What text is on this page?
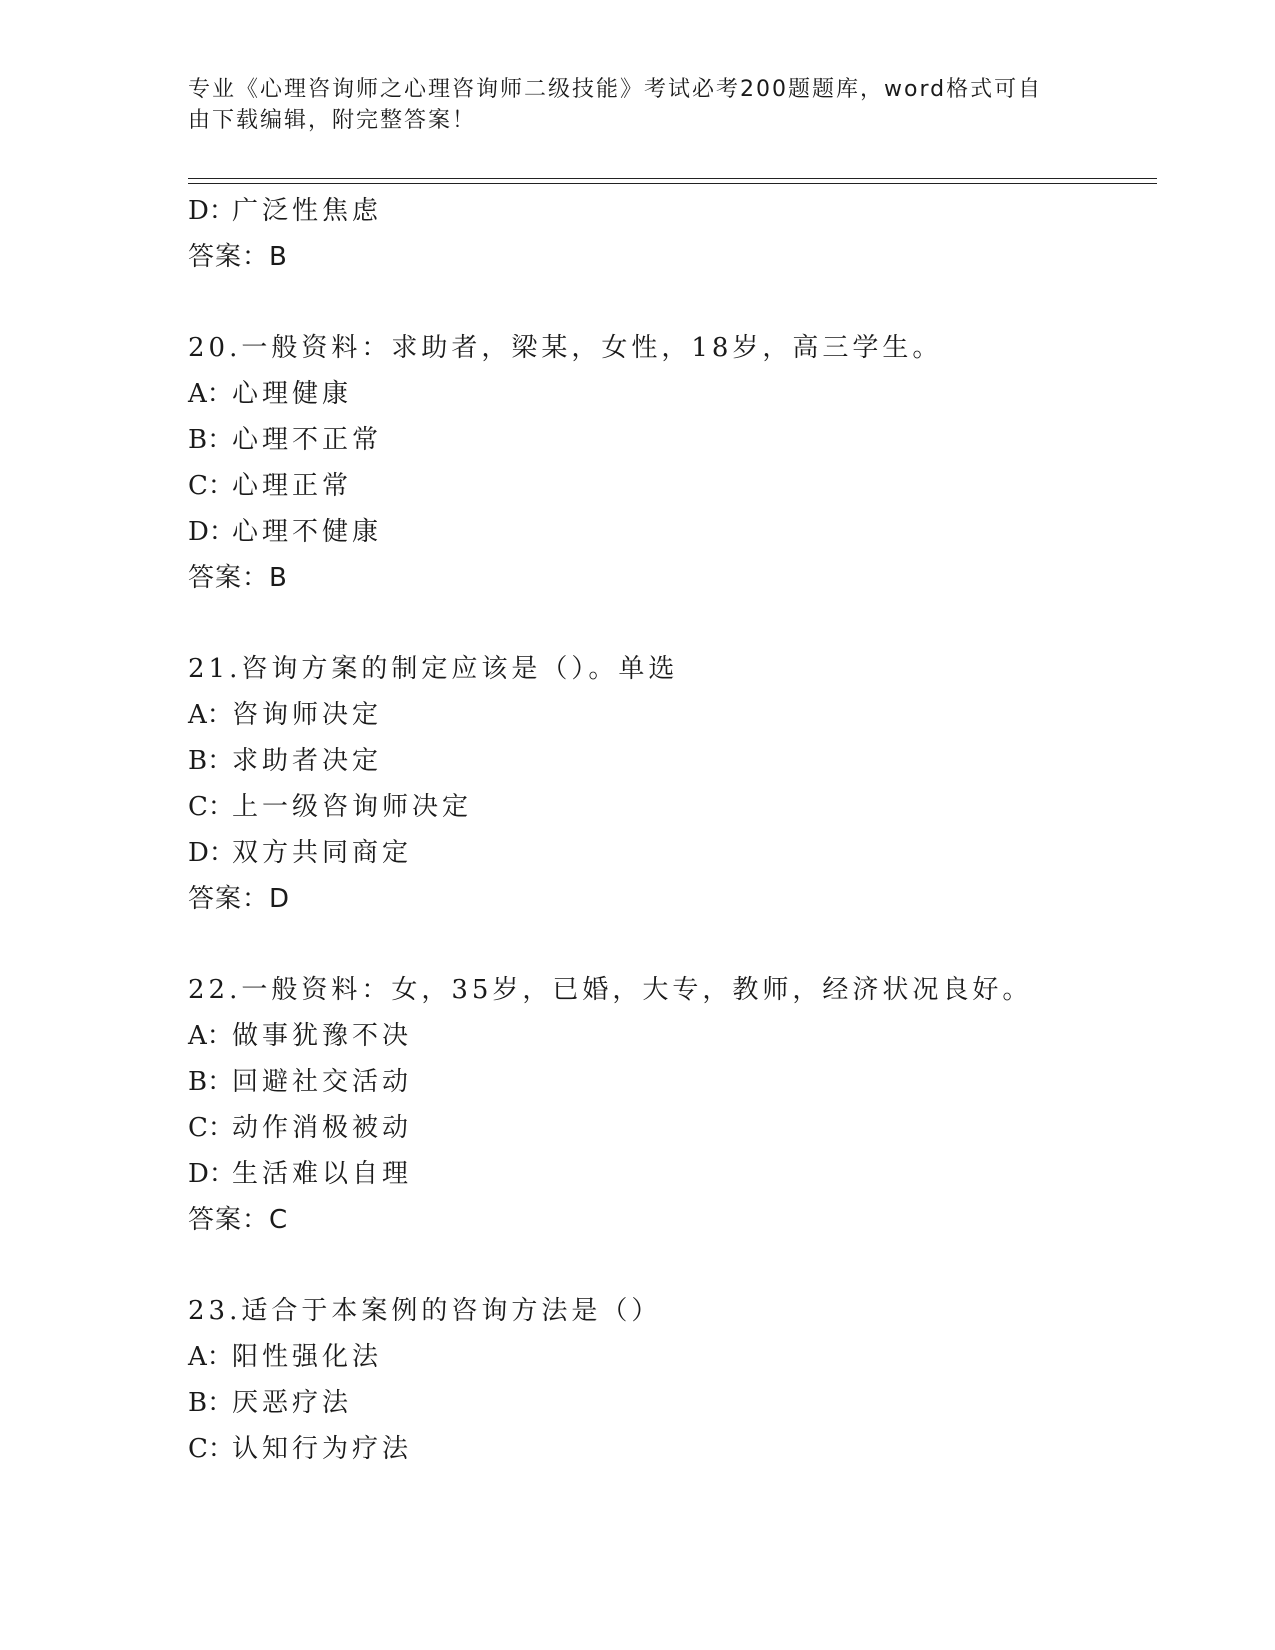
专业《心理咨询师之心理咨询师二级技能》考试必考200题题库，word格式可自
由下载编辑，附完整答案！
D：广泛性焦虑
答案：B
20.一般资料：求助者，梁某，女性，18岁，高三学生。
A：心理健康
B：心理不正常
C：心理正常
D：心理不健康
答案：B
21.咨询方案的制定应该是（）。单选
A：咨询师决定
B：求助者决定
C：上一级咨询师决定
D：双方共同商定
答案：D
22.一般资料：女，35岁，已婚，大专，教师，经济状况良好。
A：做事犹豫不决
B：回避社交活动
C：动作消极被动
D：生活难以自理
答案：C
23.适合于本案例的咨询方法是（）
A：阳性强化法
B：厌恶疗法
C：认知行为疗法
